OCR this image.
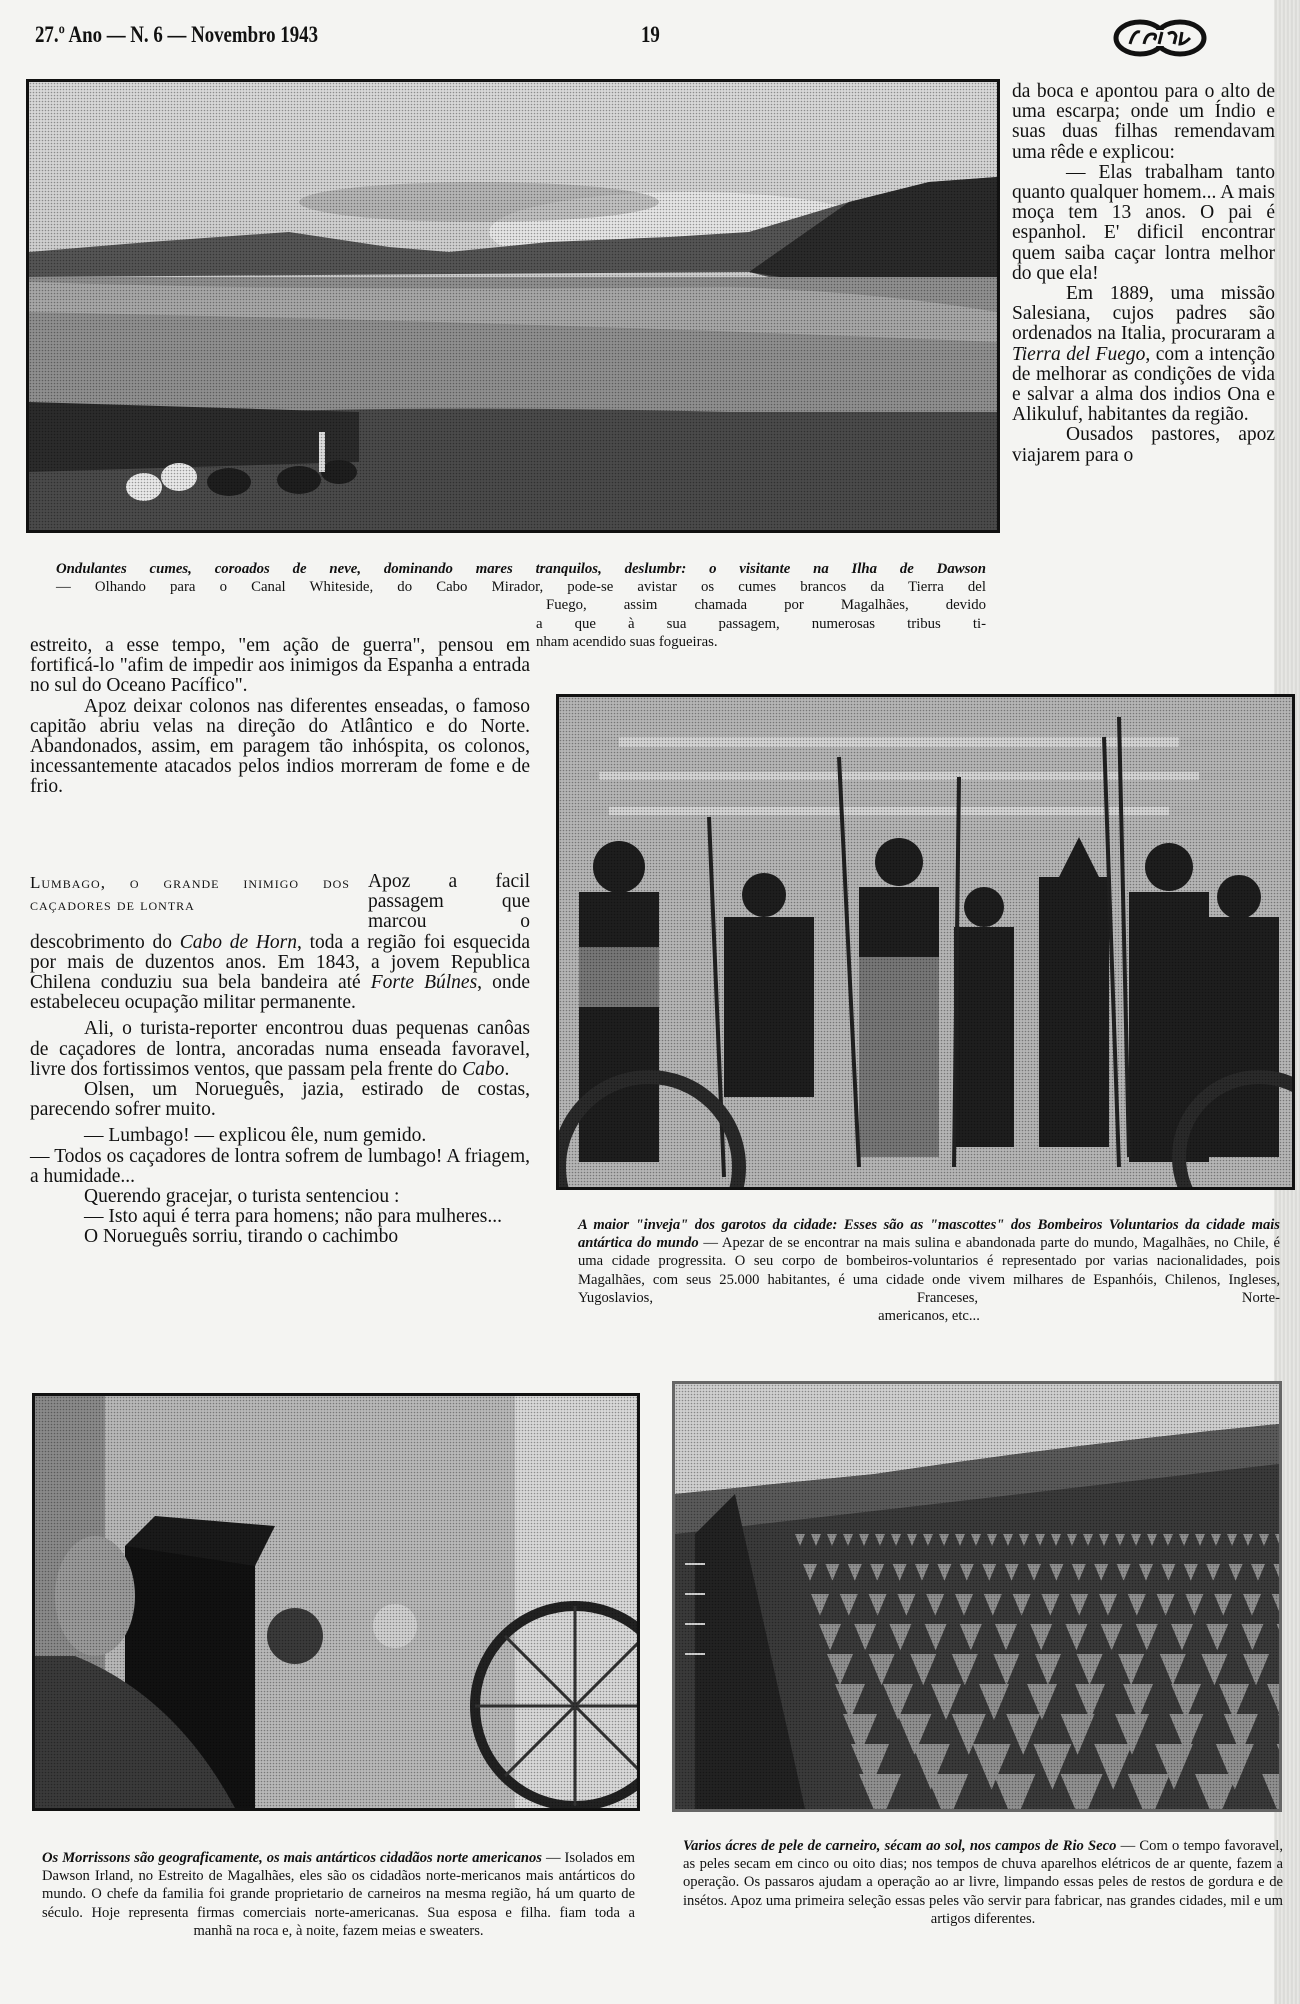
27.º Ano — N. 6 — Novembro 1943	19
Ondulantes cumes, coroados de neve, dominando mares tranquilos, deslumbr: o visitante na Ilha de Dawson
— Olhando para o Canal Whiteside, do Cabo Mirador, pode-se avistar os cumes brancos da Tierra del
Fuego, assim chamada por Magalhães, devido
a que à sua passagem, numerosas tribus ti-
nham acendido suas fogueiras.

da boca e apontou para o alto de uma escarpa; onde um Índio e suas duas filhas remendavam uma rêde e explicou:

— Elas trabalham tanto quanto qualquer homem... A mais moça tem 13 anos. O pai é espanhol. E' dificil encontrar quem saiba caçar lontra melhor do que ela!

Em 1889, uma missão Salesiana, cujos padres são ordenados na Italia, procuraram a Tierra del Fuego, com a intenção de melhorar as condições de vida e salvar a alma dos indios Ona e Alikuluf, habitantes da região.

Ousados pastores, apoz viajarem para o

estreito, a esse tempo, "em ação de guerra", pensou em fortificá-lo "afim de impedir aos inimigos da Espanha a entrada no sul do Oceano Pacífico".

Apoz deixar colonos nas diferentes enseadas, o famoso capitão abriu velas na direção do Atlântico e do Norte. Abandonados, assim, em paragem tão inhóspita, os colonos, incessantemente atacados pelos indios morreram de fome e de frio.

Lumbago, o grande inimigo dos caçadores de lontra

Apoz a facil passagem que marcou o descobrimento do Cabo de Horn, toda a região foi esquecida por mais de duzentos anos. Em 1843, a jovem Republica Chilena conduziu sua bela bandeira até Forte Búlnes, onde estabeleceu ocupação militar permanente.

Ali, o turista-reporter encontrou duas pequenas canôas de caçadores de lontra, ancoradas numa enseada favoravel, livre dos fortissimos ventos, que passam pela frente do Cabo.

Olsen, um Norueguês, jazia, estirado de costas, parecendo sofrer muito.

— Lumbago! — explicou êle, num gemido.

— Todos os caçadores de lontra sofrem de lumbago! A friagem, a humidade...

Querendo gracejar, o turista sentenciou :

— Isto aqui é terra para homens; não para mulheres...

O Norueguês sorriu, tirando o cachimbo

A maior "inveja" dos garotos da cidade: Esses são as "mascottes" dos Bombeiros Voluntarios da cidade mais antártica do mundo — Apezar de se encontrar na mais sulina e abandonada parte do mundo, Magalhães, no Chile, é uma cidade progressita. O seu corpo de bombeiros-voluntarios é representado por varias nacionalidades, pois Magalhães, com seus 25.000 habitantes, é uma cidade onde vivem milhares de Espanhóis, Chilenos, Ingleses, Yugoslavios, Franceses, Norte-
americanos, etc...
Os Morrissons são geograficamente, os mais antárticos cidadãos norte americanos — Isolados em Dawson Irland, no Estreito de Magalhães, eles são os cidadãos norte-mericanos mais antárticos do mundo. O chefe da familia foi grande proprietario de carneiros na mesma região, há um quarto de século. Hoje representa firmas comerciais norte-americanas. Sua esposa e filha. fiam toda a
manhã na roca e, à noite, fazem meias e sweaters.
Varios ácres de pele de carneiro, sécam ao sol, nos campos de Rio Seco — Com o tempo favoravel, as peles secam em cinco ou oito dias; nos tempos de chuva aparelhos elétricos de ar quente, fazem a operação. Os passaros ajudam a operação ao ar livre, limpando essas peles de restos de gordura e de insétos. Apoz uma primeira seleção essas peles vão servir para fabricar, nas grandes cidades, mil e um
artigos diferentes.
